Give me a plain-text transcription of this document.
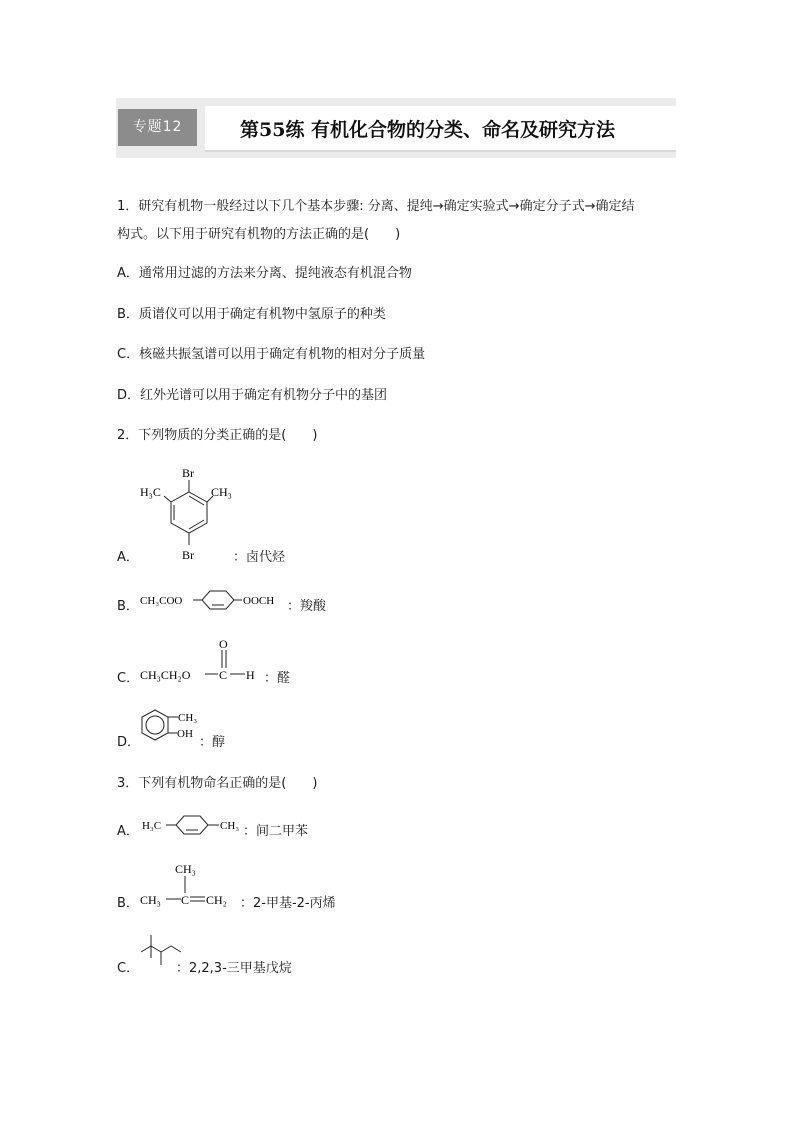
专题12	第55练 有机化合物的分类、命名及研究方法
1．研究有机物一般经过以下几个基本步骤: 分离、提纯→确定实验式→确定分子式→确定结
构式。以下用于研究有机物的方法正确的是(　　)
A．通常用过滤的方法来分离、提纯液态有机混合物
B．质谱仪可以用于确定有机物中氢原子的种类
C．核磁共振氢谱可以用于确定有机物的相对分子质量
D．红外光谱可以用于确定有机物分子中的基团
2．下列物质的分类正确的是(　　)
A．
Br
H₃C	CH₃
Br	：卤代烃
B． CH₃COO	OOCH ：羧酸
C．
O
CH₃CH₂O C H ：醛
D．
CH₃
OH
：醇
3．下列有机物命名正确的是(　　)
A． H₃C	CH₃ ：间二甲苯
B．
CH₃
CH₃ C CH₂ ：2-甲基-2-丙烯
C．	：2,2,3-三甲基戊烷
